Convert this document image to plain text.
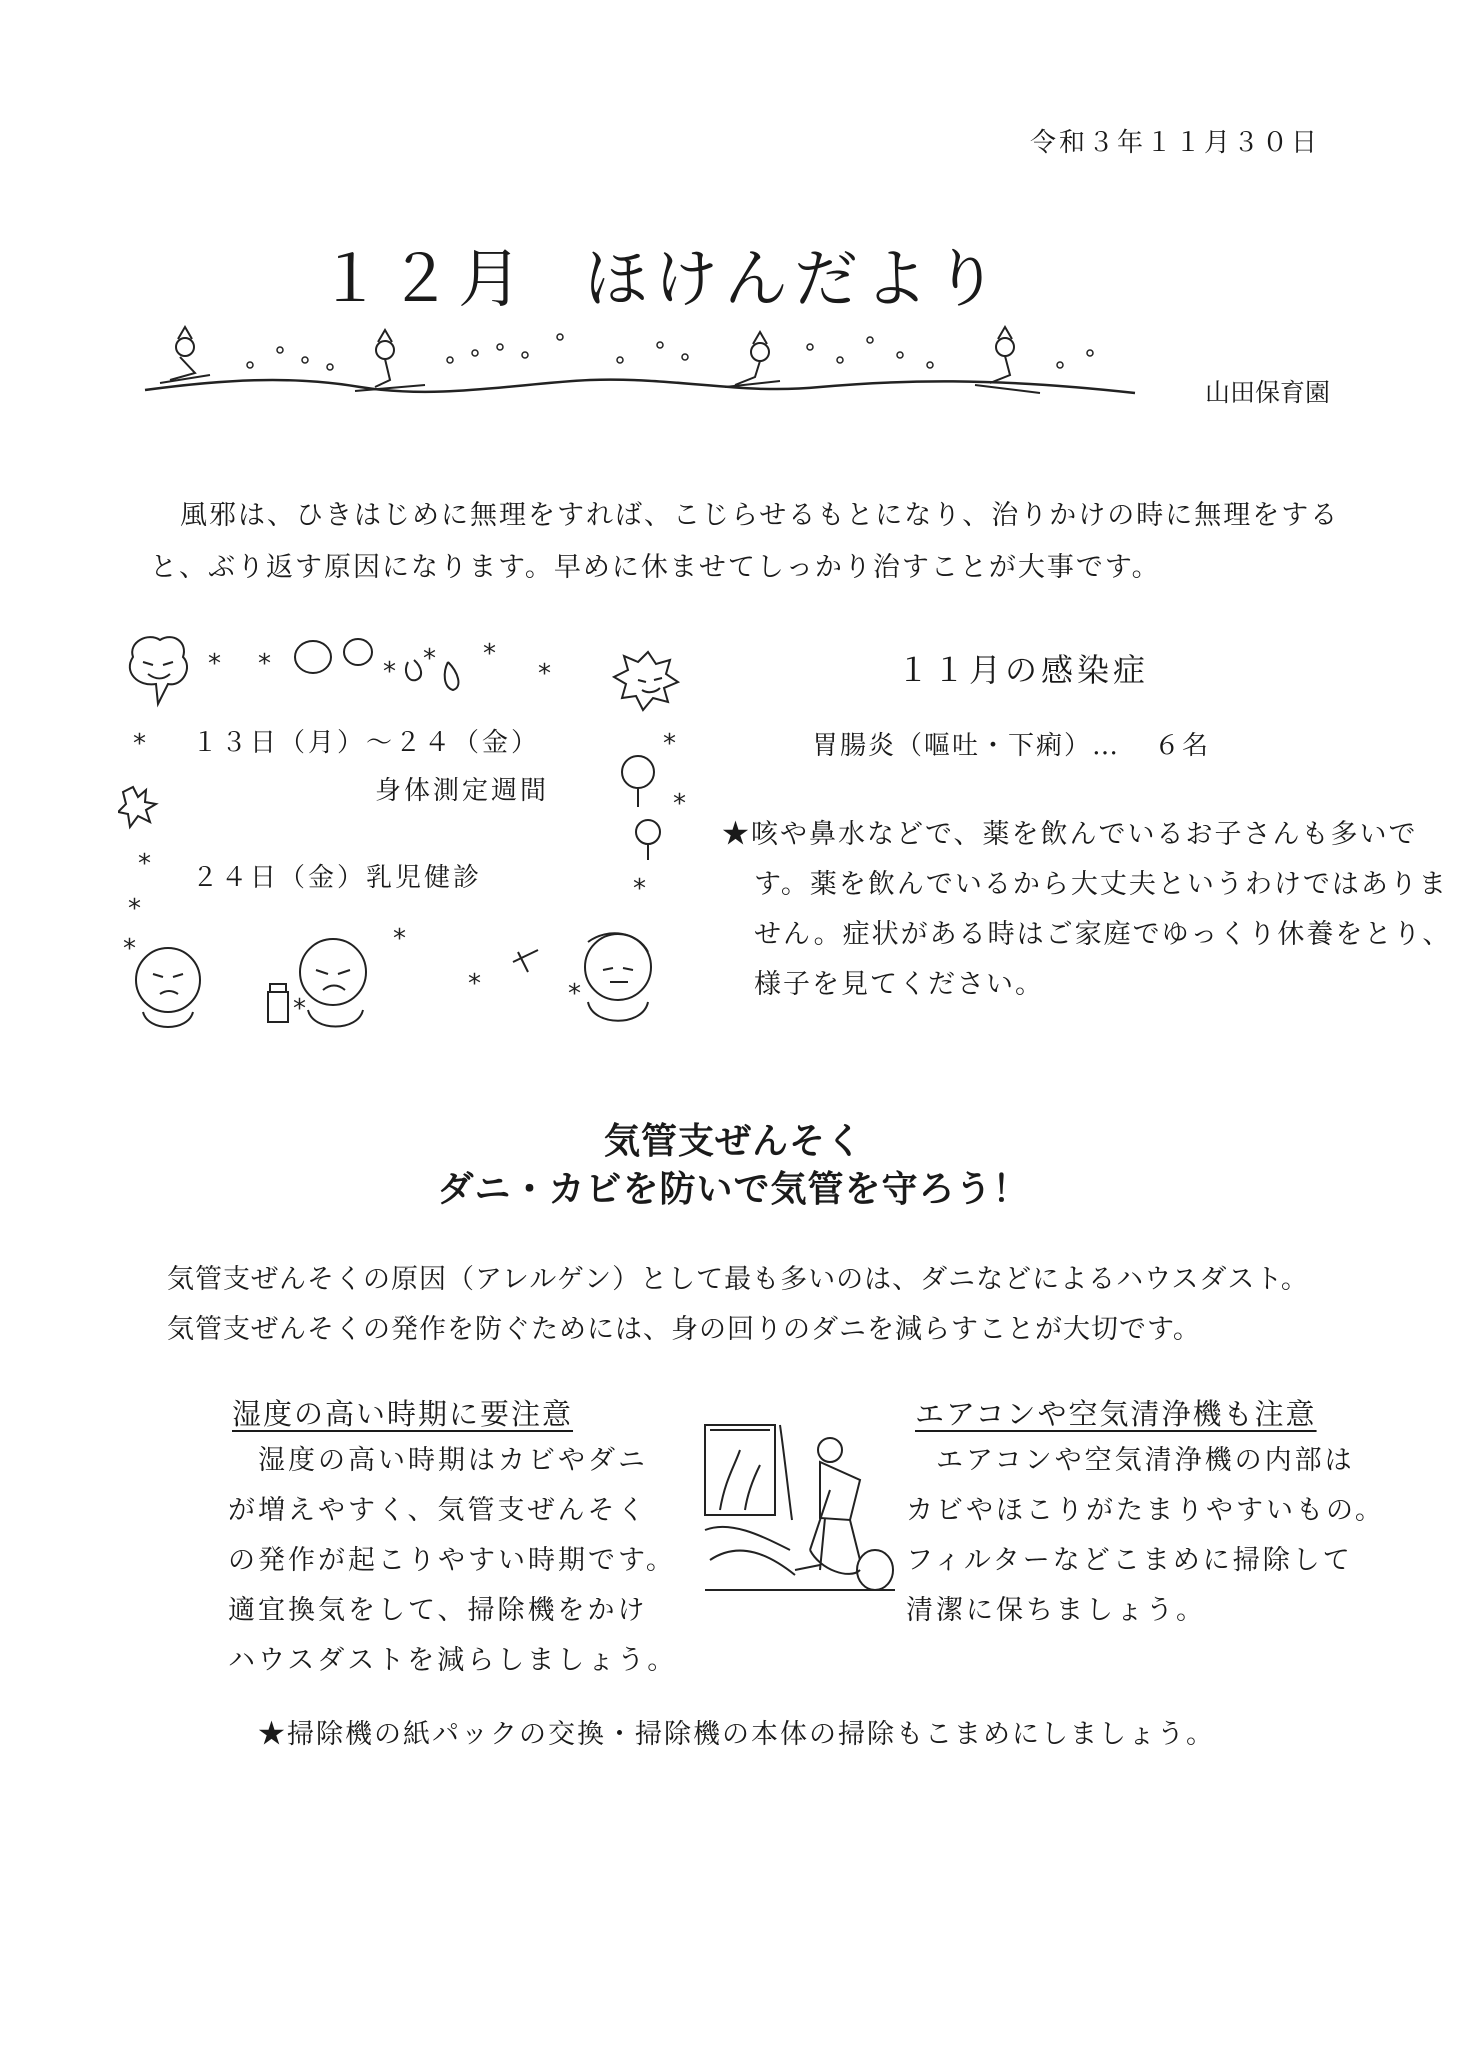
令和３年１１月３０日
１２月 ほけんだより
山田保育園

風邪は、ひきはじめに無理をすれば、こじらせるもとになり、治りかけの時に無理をする

と、ぶり返す原因になります。早めに休ませてしっかり治すことが大事です。

* *	* * *
*
*
*
*
*
*
*
*	*
*
*	*
１３日（月）～２４（金）
身体測定週間
２４日（金）乳児健診
１１月の感染症
胃腸炎（嘔吐・下痢）… ６名
★咳や鼻水などで、薬を飲んでいるお子さんも多いです。薬を飲んでいるから大丈夫というわけではありません。症状がある時はご家庭でゆっくり休養をとり、様子を見てください。
気管支ぜんそく
ダニ・カビを防いで気管を守ろう！

気管支ぜんそくの原因（アレルゲン）として最も多いのは、ダニなどによるハウスダスト。

気管支ぜんそくの発作を防ぐためには、身の回りのダニを減らすことが大切です。

湿度の高い時期に要注意

　湿度の高い時期はカビやダニ

が増えやすく、気管支ぜんそく

の発作が起こりやすい時期です。

適宜換気をして、掃除機をかけ

ハウスダストを減らしましょう。

エアコンや空気清浄機も注意

　エアコンや空気清浄機の内部は

カビやほこりがたまりやすいもの。

フィルターなどこまめに掃除して

清潔に保ちましょう。

★掃除機の紙パックの交換・掃除機の本体の掃除もこまめにしましょう。
